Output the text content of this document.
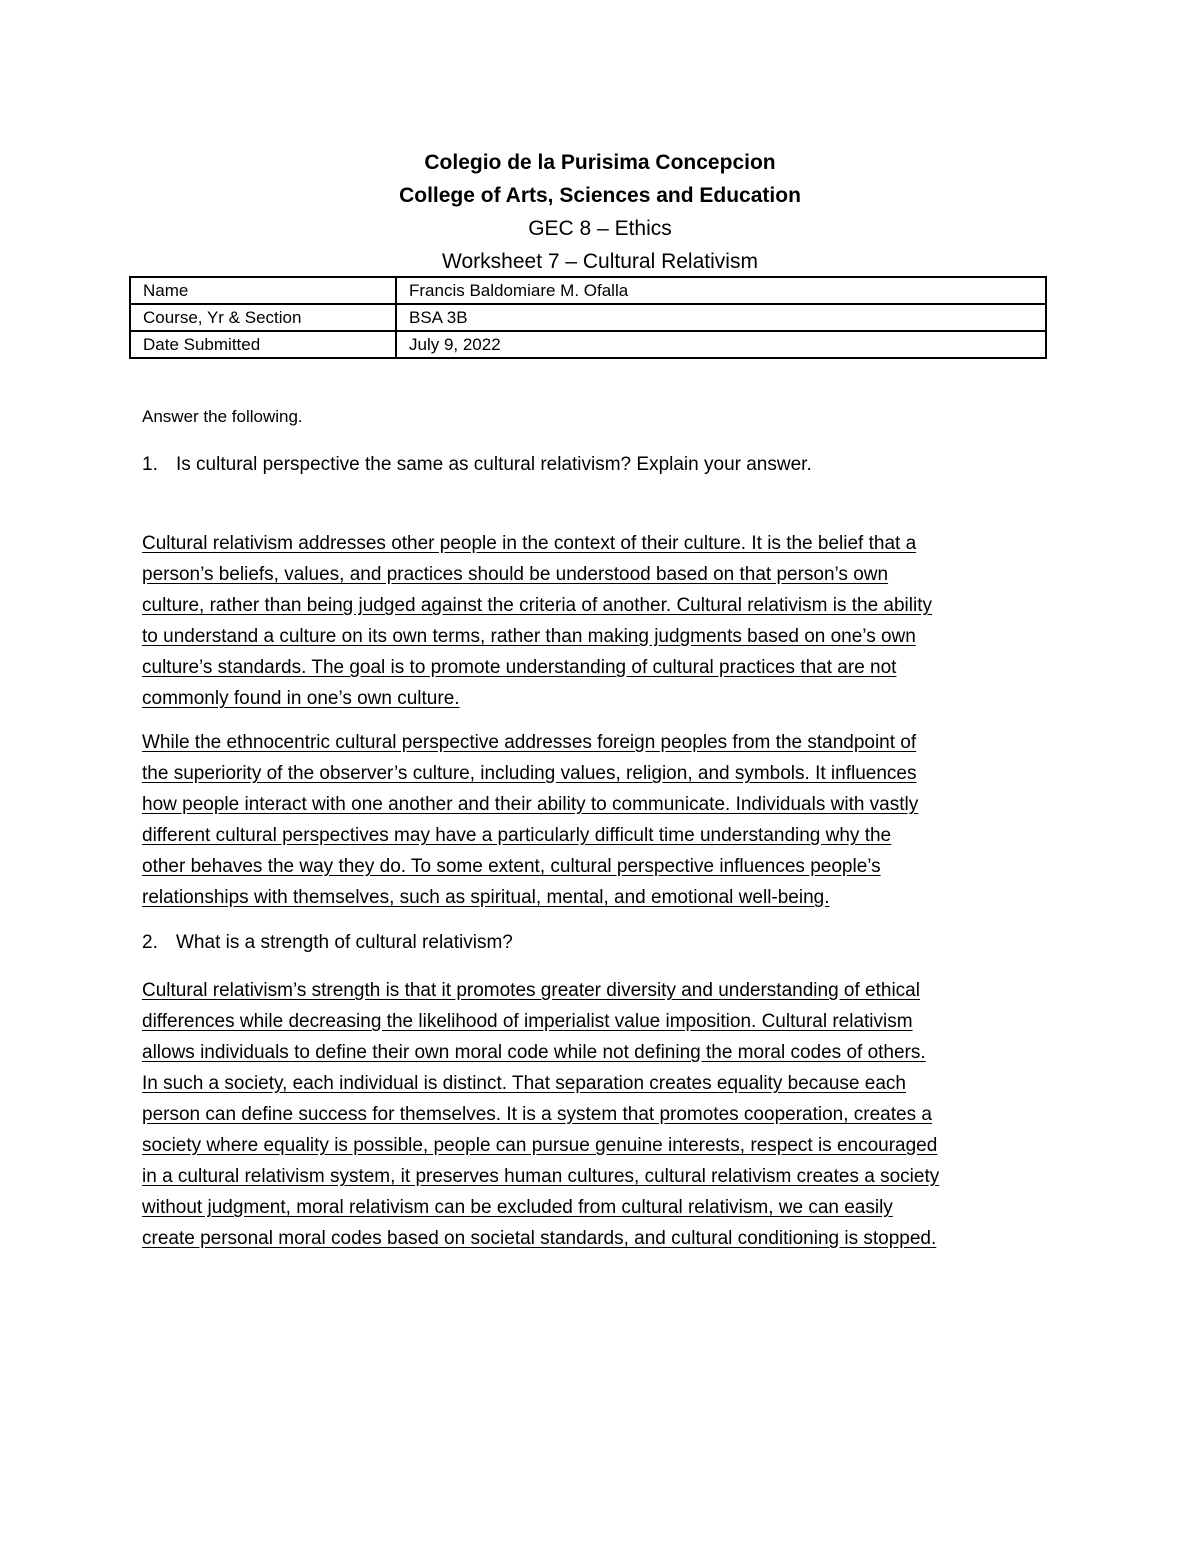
Colegio de la Purisima Concepcion
College of Arts, Sciences and Education
GEC 8 – Ethics
Worksheet 7 – Cultural Relativism
Name	Francis Baldomiare M. Ofalla
Course, Yr & Section	BSA 3B
Date Submitted	July 9, 2022
Answer the following.
1. Is cultural perspective the same as cultural relativism? Explain your answer.
Cultural relativism addresses other people in the context of their culture. It is the belief that a
person’s beliefs, values, and practices should be understood based on that person’s own
culture, rather than being judged against the criteria of another. Cultural relativism is the ability
to understand a culture on its own terms, rather than making judgments based on one’s own
culture’s standards. The goal is to promote understanding of cultural practices that are not
commonly found in one’s own culture.
While the ethnocentric cultural perspective addresses foreign peoples from the standpoint of
the superiority of the observer’s culture, including values, religion, and symbols. It influences
how people interact with one another and their ability to communicate. Individuals with vastly
different cultural perspectives may have a particularly difficult time understanding why the
other behaves the way they do. To some extent, cultural perspective influences people’s
relationships with themselves, such as spiritual, mental, and emotional well-being.
2. What is a strength of cultural relativism?
Cultural relativism’s strength is that it promotes greater diversity and understanding of ethical
differences while decreasing the likelihood of imperialist value imposition. Cultural relativism
allows individuals to define their own moral code while not defining the moral codes of others.
In such a society, each individual is distinct. That separation creates equality because each
person can define success for themselves. It is a system that promotes cooperation, creates a
society where equality is possible, people can pursue genuine interests, respect is encouraged
in a cultural relativism system, it preserves human cultures, cultural relativism creates a society
without judgment, moral relativism can be excluded from cultural relativism, we can easily
create personal moral codes based on societal standards, and cultural conditioning is stopped.
